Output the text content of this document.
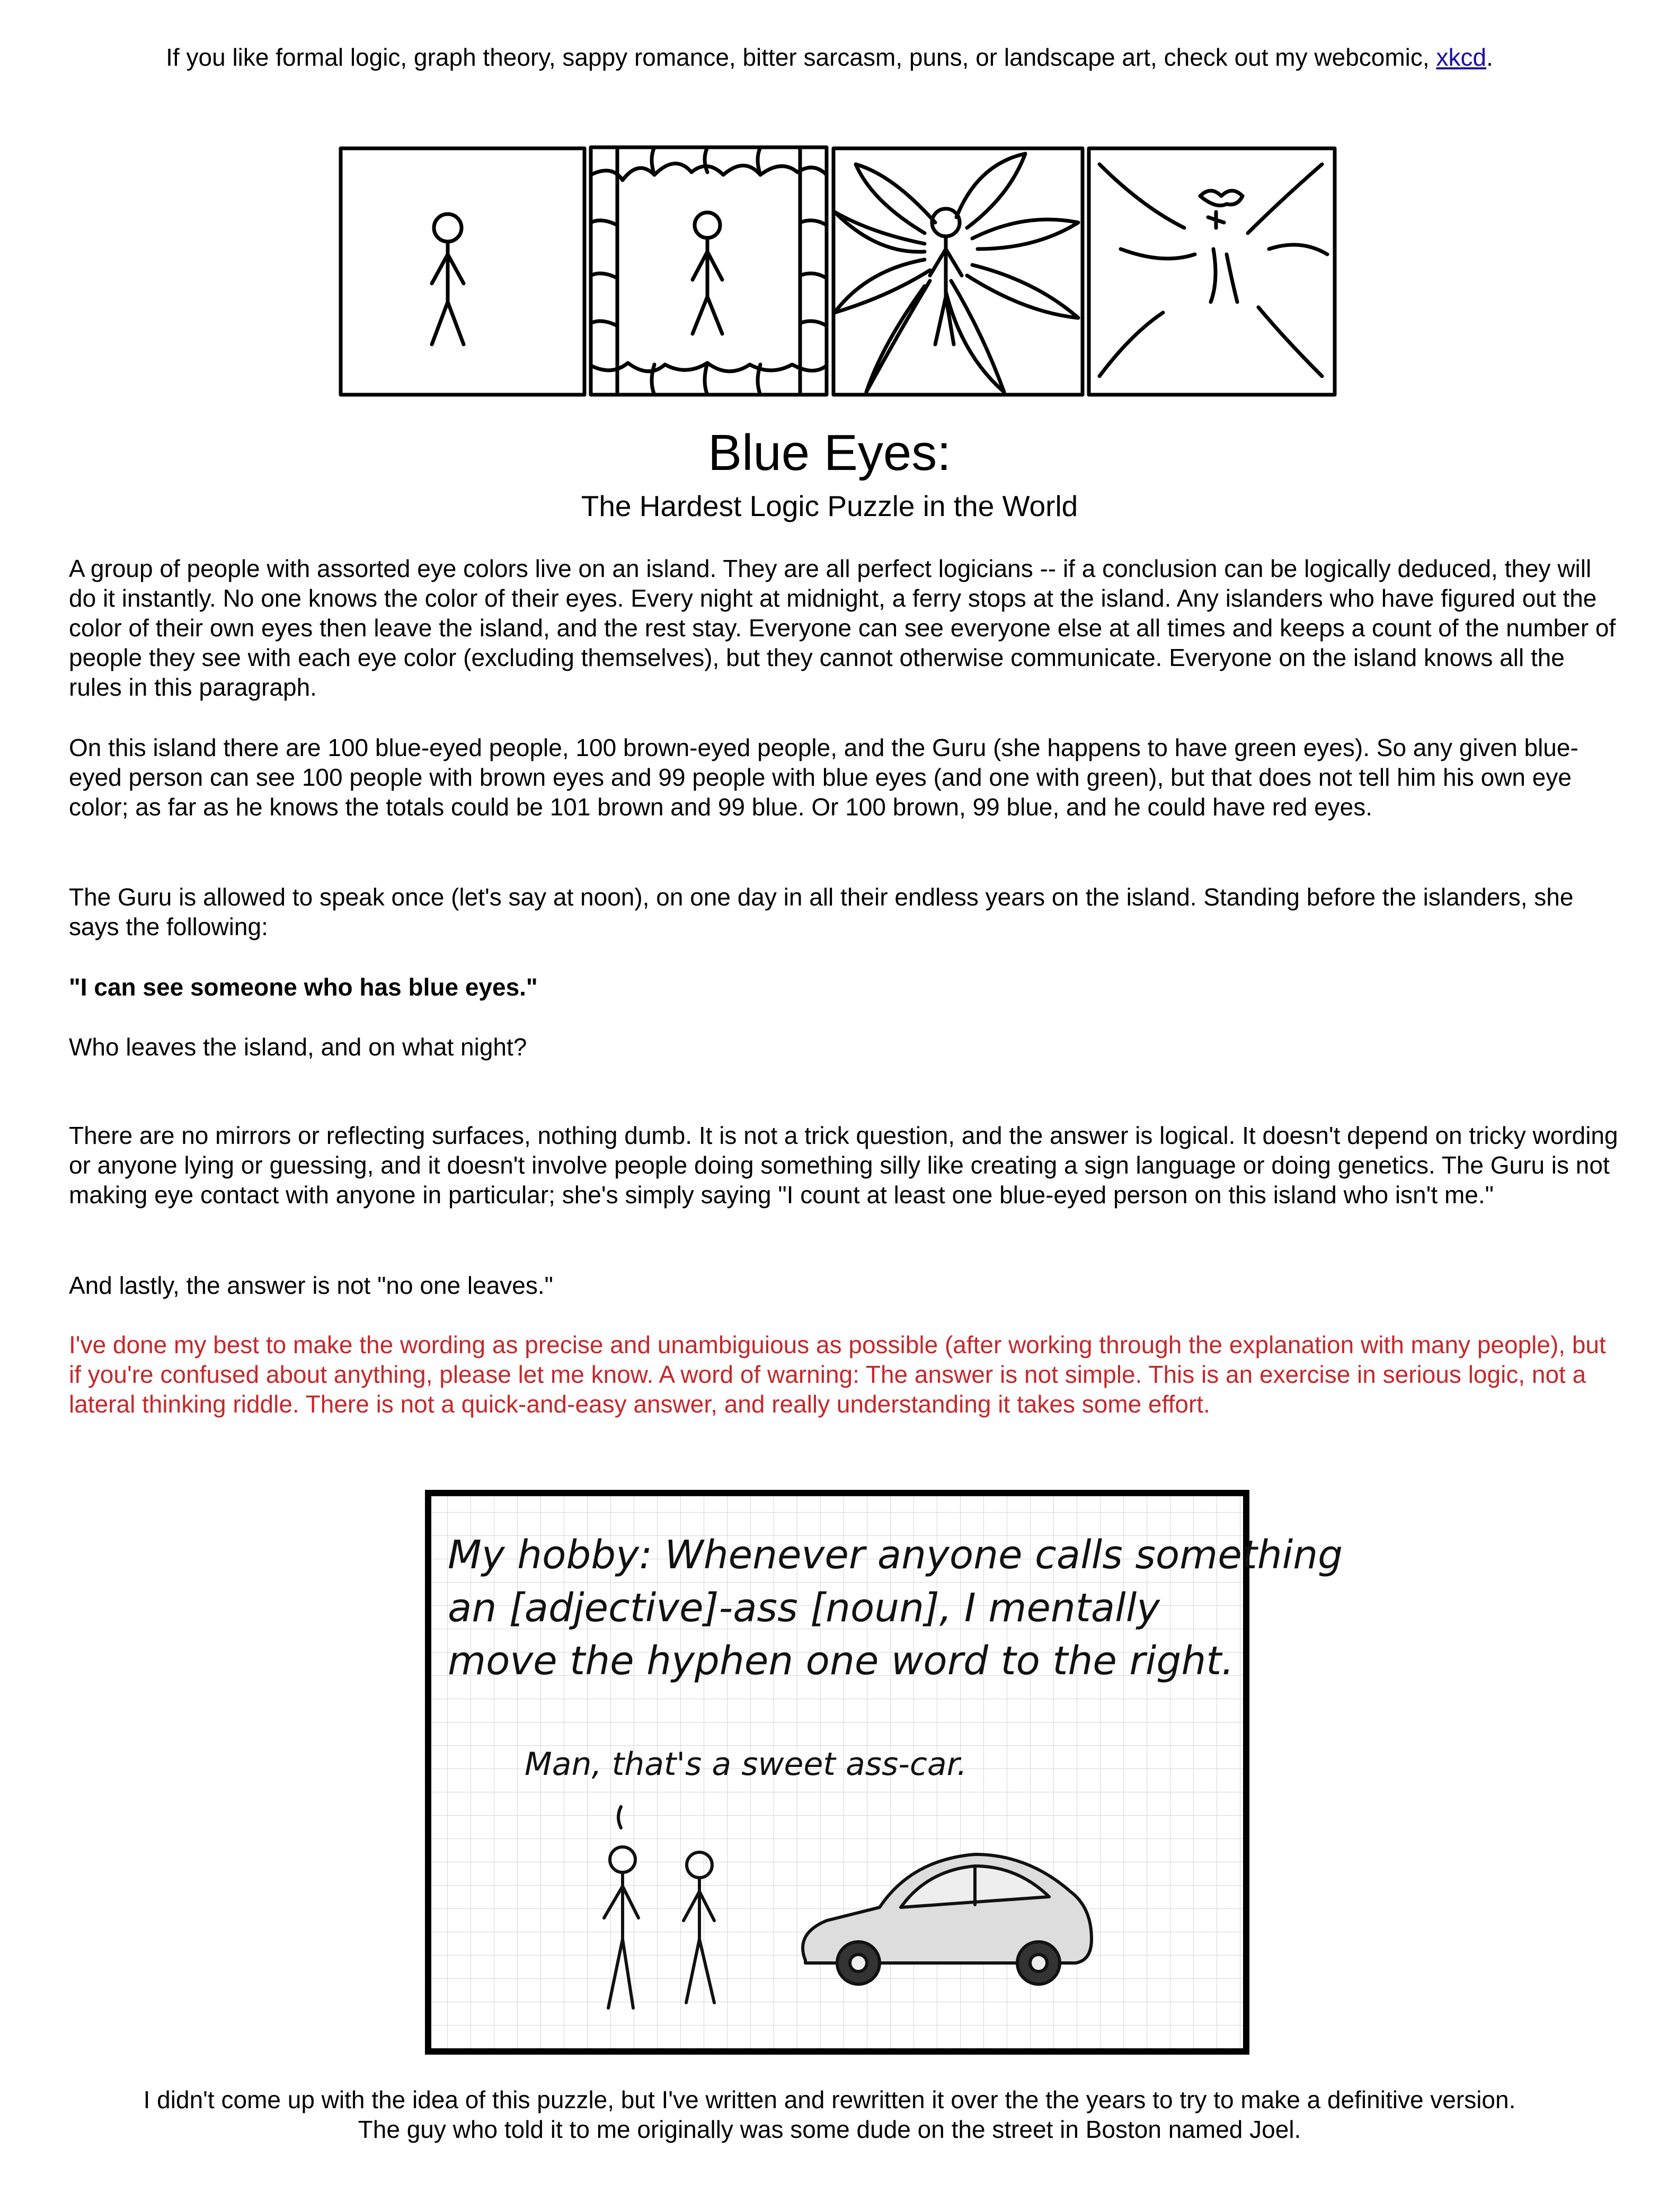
If you like formal logic, graph theory, sappy romance, bitter sarcasm, puns, or landscape art, check out my webcomic, xkcd.
Blue Eyes:
The Hardest Logic Puzzle in the World

A group of people with assorted eye colors live on an island. They are all perfect logicians -- if a conclusion can be logically deduced, they will do it instantly. No one knows the color of their eyes. Every night at midnight, a ferry stops at the island. Any islanders who have figured out the color of their own eyes then leave the island, and the rest stay. Everyone can see everyone else at all times and keeps a count of the number of people they see with each eye color (excluding themselves), but they cannot otherwise communicate. Everyone on the island knows all the rules in this paragraph.

On this island there are 100 blue-eyed people, 100 brown-eyed people, and the Guru (she happens to have green eyes). So any given blue-eyed person can see 100 people with brown eyes and 99 people with blue eyes (and one with green), but that does not tell him his own eye color; as far as he knows the totals could be 101 brown and 99 blue. Or 100 brown, 99 blue, and he could have red eyes.

The Guru is allowed to speak once (let's say at noon), on one day in all their endless years on the island. Standing before the islanders, she says the following:

"I can see someone who has blue eyes."

Who leaves the island, and on what night?

There are no mirrors or reflecting surfaces, nothing dumb. It is not a trick question, and the answer is logical. It doesn't depend on tricky wording or anyone lying or guessing, and it doesn't involve people doing something silly like creating a sign language or doing genetics. The Guru is not making eye contact with anyone in particular; she's simply saying "I count at least one blue-eyed person on this island who isn't me."

And lastly, the answer is not "no one leaves."

I've done my best to make the wording as precise and unambiguious as possible (after working through the explanation with many people), but if you're confused about anything, please let me know. A word of warning: The answer is not simple. This is an exercise in serious logic, not a lateral thinking riddle. There is not a quick-and-easy answer, and really understanding it takes some effort.

My hobby: Whenever anyone calls something
an [adjective]-ass [noun], I mentally
move the hyphen one word to the right.
Man, that's a sweet ass-car.
I didn't come up with the idea of this puzzle, but I've written and rewritten it over the the years to try to make a definitive version.
The guy who told it to me originally was some dude on the street in Boston named Joel.
